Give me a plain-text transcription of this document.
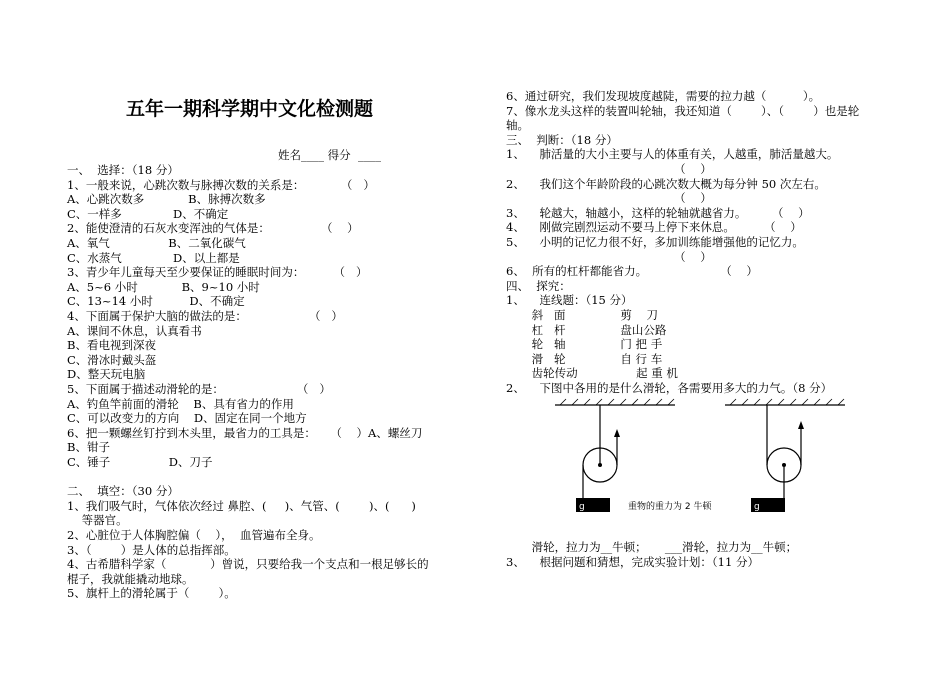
五年一期科学期中文化检测题
姓名____ 得分  ____
一、  选择：（18 分）
1、一般来说，心跳次数与脉搏次数的关系是：          （   ）
A、心跳次数多            B、脉搏次数多
C、一样多              D、不确定
2、能使澄清的石灰水变浑浊的气体是：              （    ）
A、氧气                B、二氧化碳气
C、水蒸气              D、以上都是
3、青少年儿童每天至少要保证的睡眠时间为：        （   ）
A、5~6 小时            B、9~10 小时
C、13~14 小时          D、不确定
4、下面属于保护大脑的做法的是：                 （   ）
A、课间不休息，认真看书
B、看电视到深夜
C、滑冰时戴头盔
D、整天玩电脑
5、下面属于描述动滑轮的是：                    （   ）
A、钓鱼竿前面的滑轮    B、具有省力的作用
C、可以改变力的方向    D、固定在同一个地方
6、把一颗螺丝钉拧到木头里，最省力的工具是：    （    ）A、螺丝刀
B、钳子
C、锤子                D、刀子
二、  填空：（30 分）
1、我们吸气时，气体依次经过 鼻腔、(     )、气管、(        )、(      )
等器官。
2、心脏位于人体胸腔偏（    ），  血管遍布全身。
3、（        ）是人体的总指挥部。
4、古希腊科学家（            ）曾说，只要给我一个支点和一根足够长的
棍子，我就能撬动地球。
5、旗杆上的滑轮属于（        ）。
6、通过研究，我们发现坡度越陡，需要的拉力越（          ）。
7、像水龙头这样的装置叫轮轴，我还知道（        ）、（        ）也是轮
轴。
三、  判断：（18 分）
1、    肺活量的大小主要与人的体重有关，人越重，肺活量越大。
（    ）
2、    我们这个年龄阶段的心跳次数大概为每分钟 50 次左右。
（    ）
3、    轮越大，轴越小，这样的轮轴就越省力。       （    ）
4、    刚做完剧烈运动不要马上停下来休息。        （    ）
5、    小明的记忆力很不好，多加训练能增强他的记忆力。
（    ）
6、  所有的杠杆都能省力。                    （    ）
四、  探究：
1、    连线题：（15 分）
斜   面               剪    刀
杠   杆               盘山公路
轮   轴               门 把 手
滑   轮               自 行 车
齿轮传动                起 重 机
2、    下图中各用的是什么滑轮，各需要用多大的力气。（8 分）
g	重物的重力为 2 牛顿	g
滑轮，拉力为__牛顿；     ___滑轮，拉力为__牛顿；
3、    根据问题和猜想，完成实验计划：（11 分）
